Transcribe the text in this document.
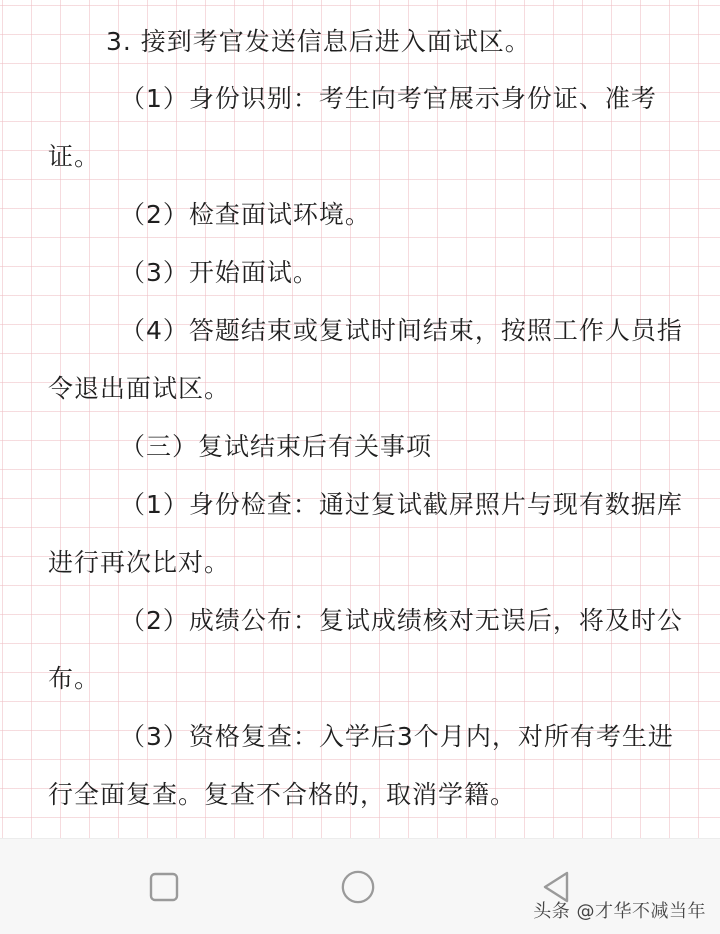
3. 接到考官发送信息后进入面试区。
（1）身份识别：考生向考官展示身份证、准考
证。
（2）检查面试环境。
（3）开始面试。
（4）答题结束或复试时间结束，按照工作人员指
令退出面试区。
（三）复试结束后有关事项
（1）身份检查：通过复试截屏照片与现有数据库
进行再次比对。
（2）成绩公布：复试成绩核对无误后，将及时公
布。
（3）资格复查：入学后3个月内，对所有考生进
行全面复查。复查不合格的，取消学籍。
头条 @才华不减当年
